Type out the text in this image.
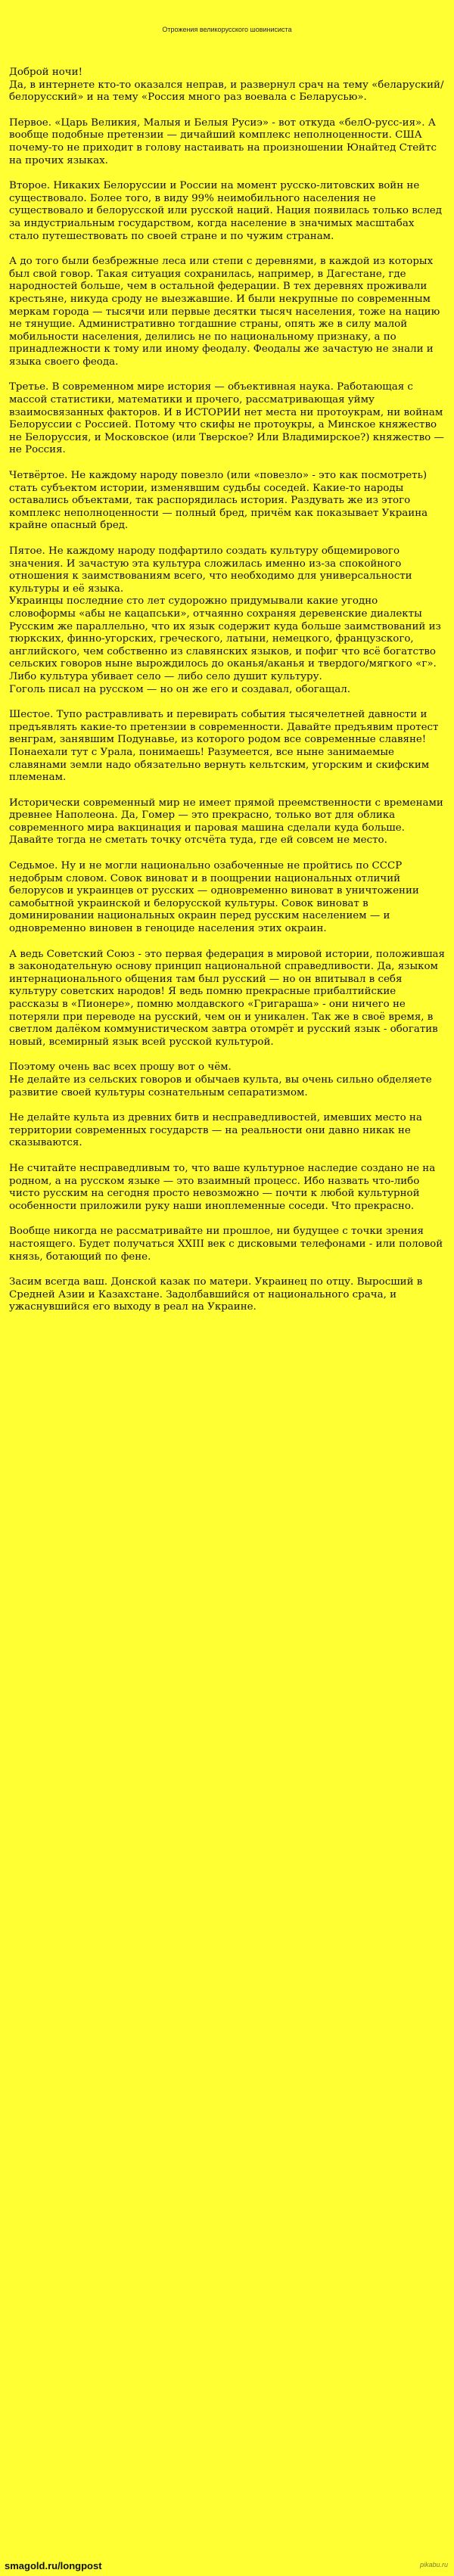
Отрожения великорусского шовинисиста

Доброй ночи!
Да, в интернете кто-то оказался неправ, и развернул срач на тему «беларуский/белорусский» и на тему «Россия много раз воевала с Беларусью».

Первое. «Царь Великия, Малыя и Белыя Русиэ» - вот откуда «белО-русс-ия». А вообще подобные претензии — дичайший комплекс неполноценности. США почему-то не приходит в голову настаивать на произношении Юнайтед Стейтс на прочих языках.

Второе. Никаких Белоруссии и России на момент русско-литовских войн не существовало. Более того, в виду 99% неимобильного населения не существовало и белорусской или русской наций. Нация появилась только вслед за индустриальным государством, когда население в значимых масштабах стало путешествовать по своей стране и по чужим странам.

А до того были безбрежные леса или степи с деревнями, в каждой из которых был свой говор. Такая ситуация сохранилась, например, в Дагестане, где народностей больше, чем в остальной федерации. В тех деревнях проживали крестьяне, никуда сроду не выезжавшие. И были некрупные по современным меркам города — тысячи или первые десятки тысяч населения, тоже на нацию не тянущие. Административно тогдашние страны, опять же в силу малой мобильности населения, делились не по национальному признаку, а по принадлежности к тому или иному феодалу. Феодалы же зачастую не знали и языка своего феода.

Третье. В современном мире история — объективная наука. Работающая с массой статистики, математики и прочего, рассматривающая уйму взаимосвязанных факторов. И в ИСТОРИИ нет места ни протоукрам, ни войнам Белоруссии с Россией. Потому что скифы не протоукры, а Минское княжество не Белоруссия, и Московское (или Тверское? Или Владимирское?) княжество — не Россия.

Четвёртое. Не каждому народу повезло (или «повезло» - это как посмотреть) стать субъектом истории, изменявшим судьбы соседей. Какие-то народы оставались объектами, так распорядилась история. Раздувать же из этого комплекс неполноценности — полный бред, причём как показывает Украина крайне опасный бред.

Пятое. Не каждому народу подфартило создать культуру общемирового значения. И зачастую эта культура сложилась именно из-за спокойного отношения к заимствованиям всего, что необходимо для универсальности культуры и её языка.
Украинцы последние сто лет судорожно придумывали какие угодно словоформы «абы не кацапськи», отчаянно сохраняя деревенские диалекты
Русским же параллельно, что их язык содержит куда больше заимствований из тюркских, финно-угорских, греческого, латыни, немецкого, французского, английского, чем собственно из славянских языков, и пофиг что всё богатство сельских говоров ныне вырождилось до оканья/аканья и твердого/мягкого «г».
Либо культура убивает село — либо село душит культуру.
Гоголь писал на русском — но он же его и создавал, обогащал.

Шестое. Тупо растравливать и перевирать события тысячелетней давности и предъявлять какие-то претензии в современности. Давайте предъявим протест венграм, занявшим Подунавье, из которого родом все современные славяне! Понаехали тут с Урала, понимаешь! Разумеется, все ныне занимаемые славянами земли надо обязательно вернуть кельтским, угорским и скифским племенам.

Исторически современный мир не имеет прямой преемственности с временами древнее Наполеона. Да, Гомер — это прекрасно, только вот для облика современного мира вакцинация и паровая машина сделали куда больше. Давайте тогда не сметать точку отсчёта туда, где ей совсем не место.

Седьмое. Ну и не могли национально озабоченные не пройтись по СССР недобрым словом. Совок виноват и в поощрении национальных отличий белорусов и украинцев от русских — одновременно виноват в уничтожении самобытной украинской и белорусской культуры. Совок виноват в доминировании национальных окраин перед русским населением — и одновременно виновен в геноциде населения этих окраин.

А ведь Советский Союз - это первая федерация в мировой истории, положившая в законодательную основу принцип национальной справедливости. Да, языком интернационального общения там был русский — но он впитывал в себя культуру советских народов! Я ведь помню прекрасные прибалтийские рассказы в «Пионере», помню молдавского «Григараша» - они ничего не потеряли при переводе на русский, чем он и уникален. Так же в своё время, в светлом далёком коммунистическом завтра отомрёт и русский язык - обогатив новый, всемирный язык всей русской культурой.

Поэтому очень вас всех прошу вот о чём.
Не делайте из сельских говоров и обычаев культа, вы очень сильно обделяете развитие своей культуры сознательным сепаратизмом.

Не делайте культа из древних битв и несправедливостей, имевших место на территории современных государств — на реальности они давно никак не сказываются.

Не считайте несправедливым то, что ваше культурное наследие создано не на родном, а на русском языке — это взаимный процесс. Ибо назвать что-либо чисто русским на сегодня просто невозможно — почти к любой культурной особенности приложили руку наши иноплеменные соседи. Что прекрасно.

Вообще никогда не рассматривайте ни прошлое, ни будущее с точки зрения настоящего. Будет получаться XXIII век с дисковыми телефонами - или половой князь, ботающий по фене.

Засим всегда ваш. Донской казак по матери. Украинец по отцу. Выросший в Средней Азии и Казахстане. Задолбавшийся от национального срача, и ужаснувшийся его выходу в реал на Украине.

smagold.ru/longpost	pikabu.ru
